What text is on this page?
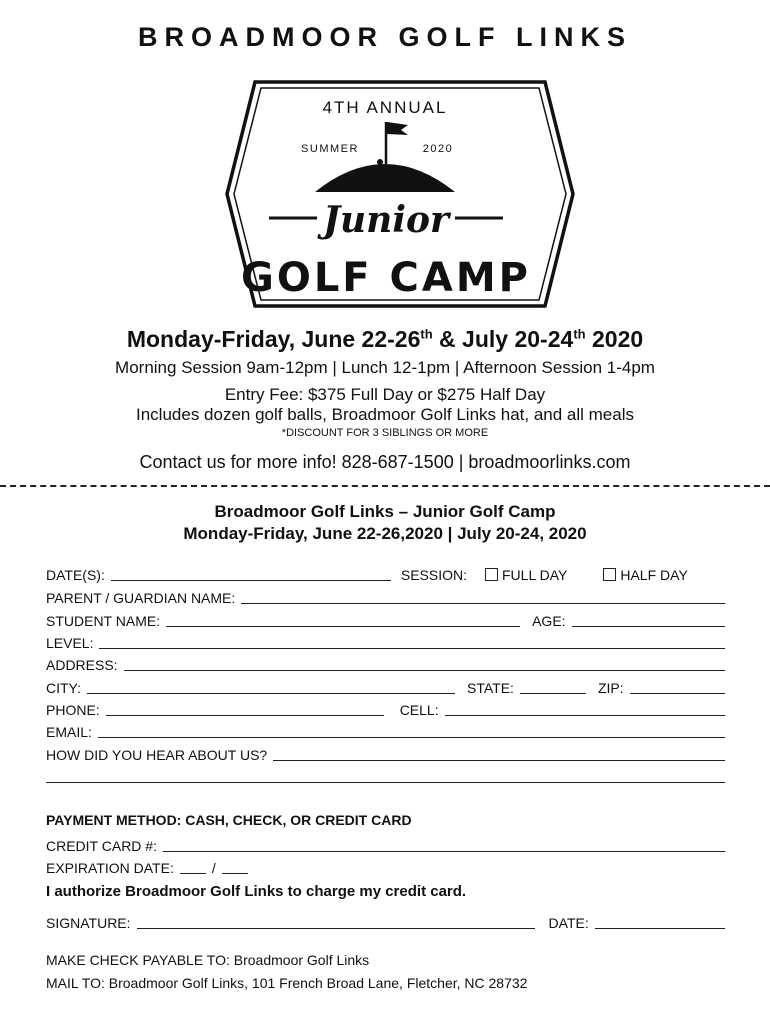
BROADMOOR GOLF LINKS
4TH ANNUAL
SUMMER	2020
Junior
GOLF CAMP
Monday-Friday, June 22-26th & July 20-24th 2020
Morning Session 9am-12pm | Lunch 12-1pm | Afternoon Session 1-4pm
Entry Fee: $375 Full Day or $275 Half Day
Includes dozen golf balls, Broadmoor Golf Links hat, and all meals
*DISCOUNT FOR 3 SIBLINGS OR MORE
Contact us for more info! 828-687-1500 | broadmoorlinks.com
Broadmoor Golf Links – Junior Golf Camp
Monday-Friday, June 22-26,2020 | July 20-24, 2020
DATE(S):	SESSION:	FULL DAY	HALF DAY
PARENT / GUARDIAN NAME:
STUDENT NAME:	AGE:
LEVEL:
ADDRESS:
CITY:	STATE:	ZIP:
PHONE:	CELL:
EMAIL:
HOW DID YOU HEAR ABOUT US?
PAYMENT METHOD: CASH, CHECK, OR CREDIT CARD
CREDIT CARD #:
EXPIRATION DATE:	/
I authorize Broadmoor Golf Links to charge my credit card.
SIGNATURE:	DATE:
MAKE CHECK PAYABLE TO: Broadmoor Golf Links
MAIL TO: Broadmoor Golf Links, 101 French Broad Lane, Fletcher, NC 28732
